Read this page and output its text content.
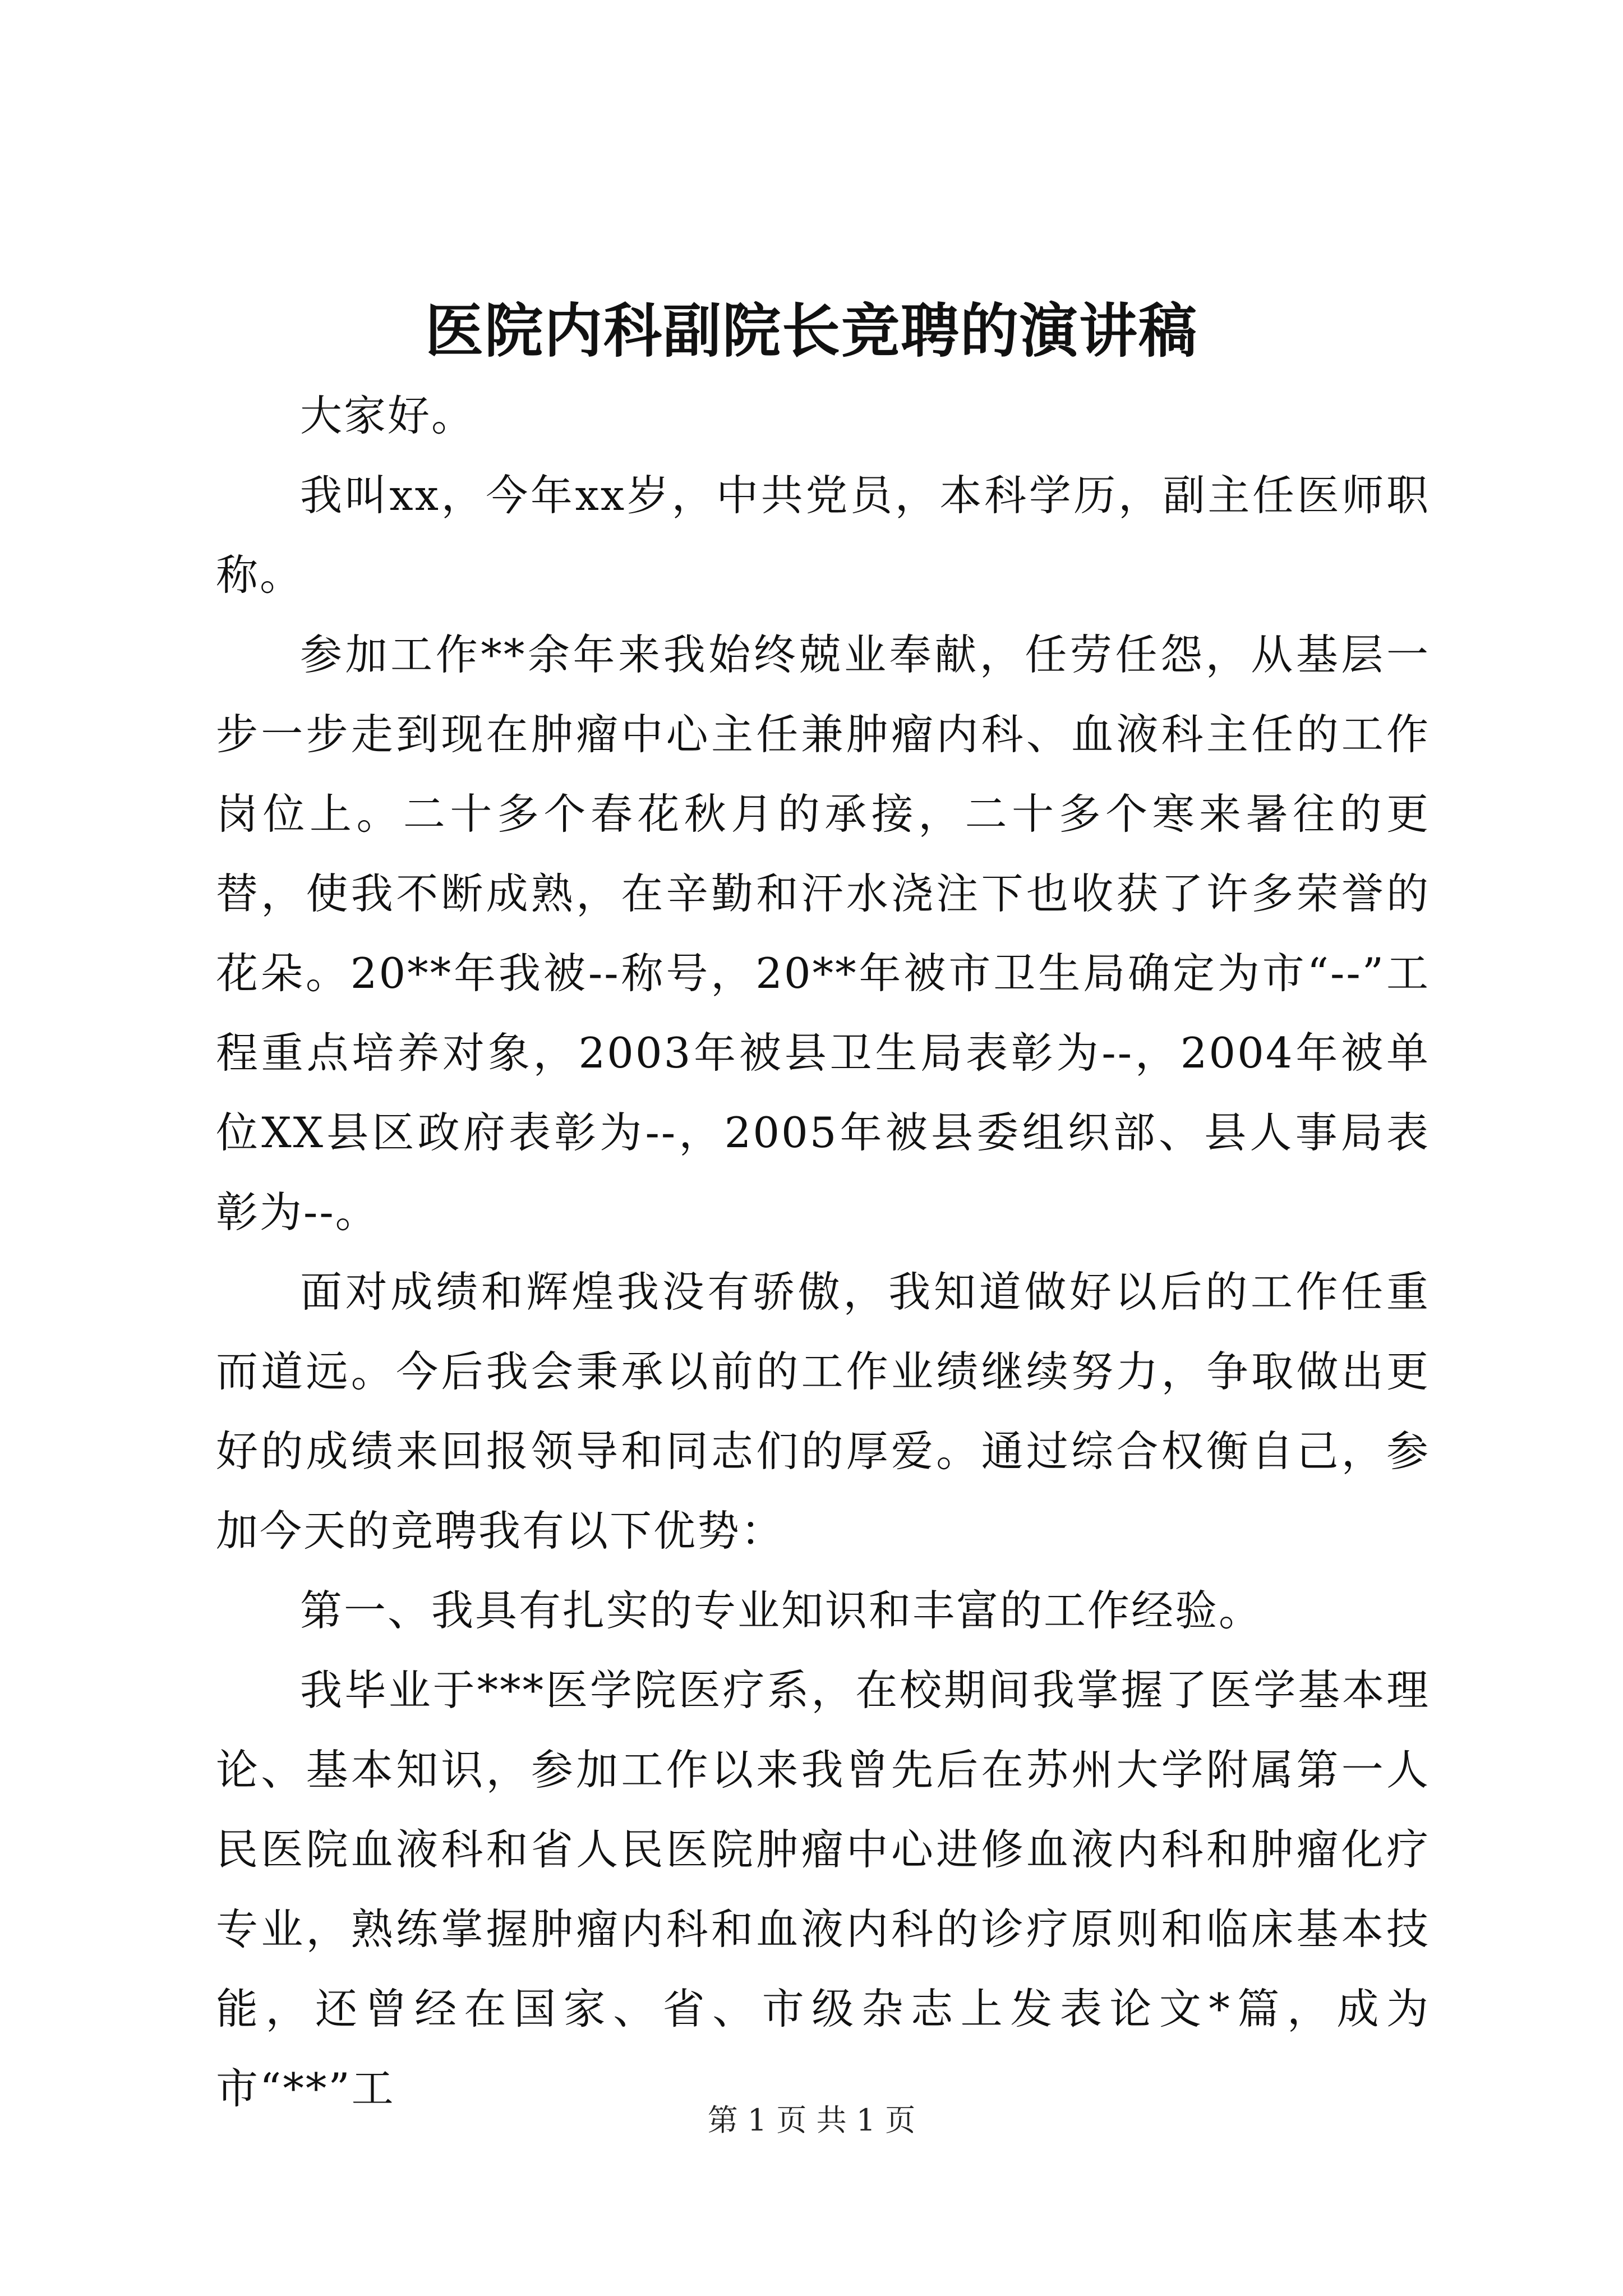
医院内科副院长竞聘的演讲稿

大家好。

我叫xx，今年xx岁，中共党员，本科学历，副主任医师职称。

参加工作**余年来我始终兢业奉献，任劳任怨，从基层一步一步走到现在肿瘤中心主任兼肿瘤内科、血液科主任的工作岗位上。二十多个春花秋月的承接，二十多个寒来暑往的更替，使我不断成熟，在辛勤和汗水浇注下也收获了许多荣誉的花朵。20**年我被--称号，20**年被市卫生局确定为市“--”工程重点培养对象，2003年被县卫生局表彰为--，2004年被单位XX县区政府表彰为--，2005年被县委组织部、县人事局表彰为--。

面对成绩和辉煌我没有骄傲，我知道做好以后的工作任重而道远。今后我会秉承以前的工作业绩继续努力，争取做出更好的成绩来回报领导和同志们的厚爱。通过综合权衡自己，参加今天的竞聘我有以下优势：

第一、我具有扎实的专业知识和丰富的工作经验。

我毕业于***医学院医疗系，在校期间我掌握了医学基本理论、基本知识，参加工作以来我曾先后在苏州大学附属第一人民医院血液科和省人民医院肿瘤中心进修血液内科和肿瘤化疗专业，熟练掌握肿瘤内科和血液内科的诊疗原则和临床基本技能，还曾经在国家、省、市级杂志上发表论文*篇，成为市“**”工

第 1 页 共 1 页
